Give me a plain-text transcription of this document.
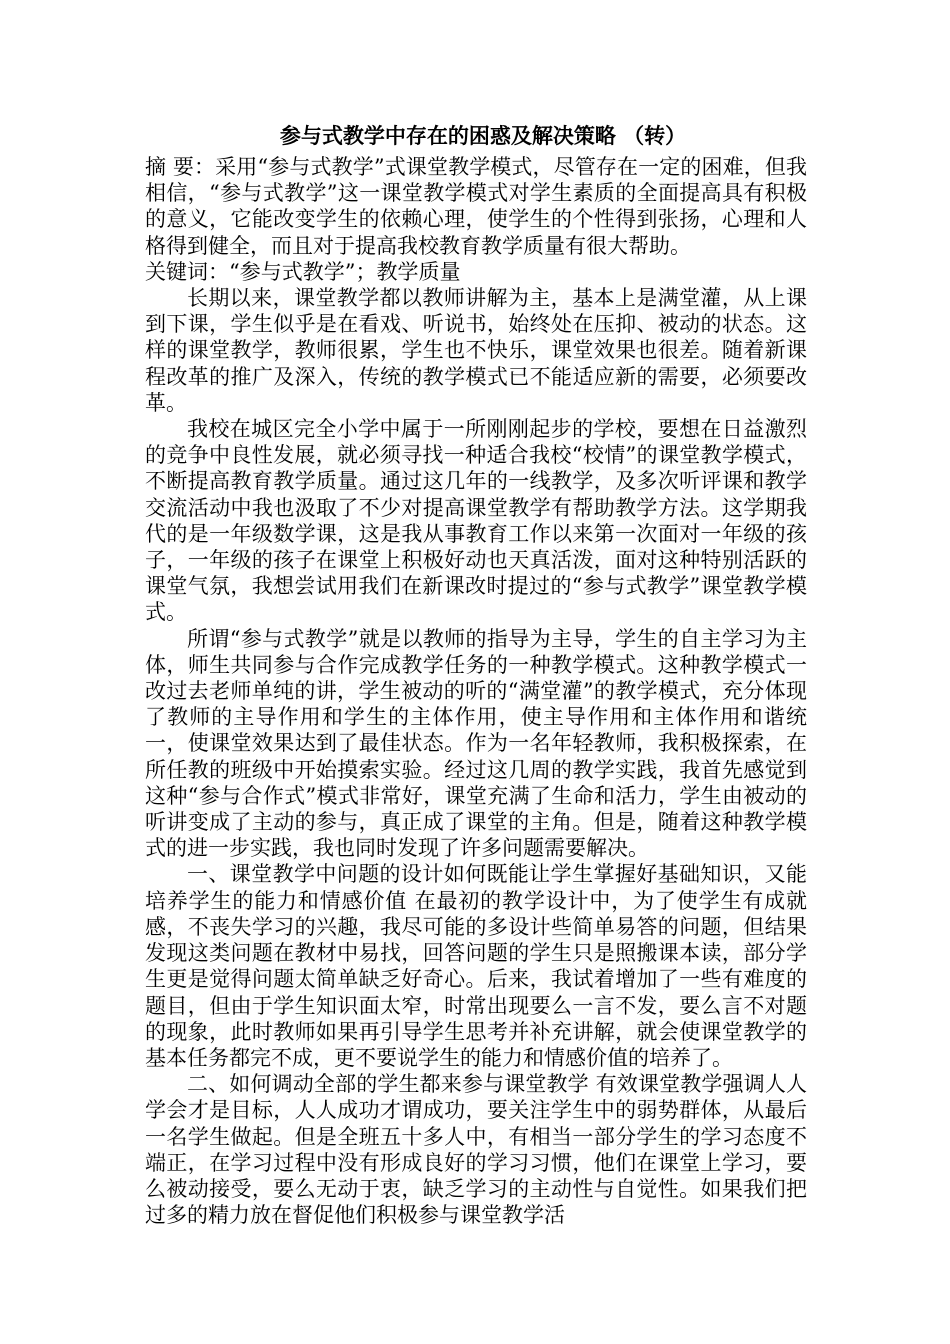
参与式教学中存在的困惑及解决策略 （转）

摘 要：采用“参与式教学”式课堂教学模式，尽管存在一定的困难，但我相信，“参与式教学”这一课堂教学模式对学生素质的全面提高具有积极的意义，它能改变学生的依赖心理，使学生的个性得到张扬，心理和人格得到健全，而且对于提高我校教育教学质量有很大帮助。

关键词：“参与式教学”；教学质量

长期以来，课堂教学都以教师讲解为主，基本上是满堂灌，从上课到下课，学生似乎是在看戏、听说书，始终处在压抑、被动的状态。这样的课堂教学，教师很累，学生也不快乐，课堂效果也很差。随着新课程改革的推广及深入，传统的教学模式已不能适应新的需要，必须要改革。

我校在城区完全小学中属于一所刚刚起步的学校，要想在日益激烈的竞争中良性发展，就必须寻找一种适合我校“校情”的课堂教学模式，不断提高教育教学质量。通过这几年的一线教学，及多次听评课和教学交流活动中我也汲取了不少对提高课堂教学有帮助教学方法。这学期我代的是一年级数学课，这是我从事教育工作以来第一次面对一年级的孩子，一年级的孩子在课堂上积极好动也天真活泼，面对这种特别活跃的课堂气氛，我想尝试用我们在新课改时提过的“参与式教学”课堂教学模式。

所谓“参与式教学”就是以教师的指导为主导，学生的自主学习为主体，师生共同参与合作完成教学任务的一种教学模式。这种教学模式一改过去老师单纯的讲，学生被动的听的“满堂灌”的教学模式，充分体现了教师的主导作用和学生的主体作用，使主导作用和主体作用和谐统一，使课堂效果达到了最佳状态。作为一名年轻教师，我积极探索，在所任教的班级中开始摸索实验。经过这几周的教学实践，我首先感觉到这种“参与合作式”模式非常好，课堂充满了生命和活力，学生由被动的听讲变成了主动的参与，真正成了课堂的主角。但是，随着这种教学模式的进一步实践，我也同时发现了许多问题需要解决。

一、课堂教学中问题的设计如何既能让学生掌握好基础知识，又能培养学生的能力和情感价值 在最初的教学设计中，为了使学生有成就感，不丧失学习的兴趣，我尽可能的多设计些简单易答的问题，但结果发现这类问题在教材中易找，回答问题的学生只是照搬课本读，部分学生更是觉得问题太简单缺乏好奇心。后来，我试着增加了一些有难度的题目，但由于学生知识面太窄，时常出现要么一言不发，要么言不对题的现象，此时教师如果再引导学生思考并补充讲解，就会使课堂教学的基本任务都完不成，更不要说学生的能力和情感价值的培养了。

二、如何调动全部的学生都来参与课堂教学 有效课堂教学强调人人学会才是目标，人人成功才谓成功，要关注学生中的弱势群体，从最后一名学生做起。但是全班五十多人中，有相当一部分学生的学习态度不端正，在学习过程中没有形成良好的学习习惯，他们在课堂上学习，要么被动接受，要么无动于衷，缺乏学习的主动性与自觉性。如果我们把过多的精力放在督促他们积极参与课堂教学活
